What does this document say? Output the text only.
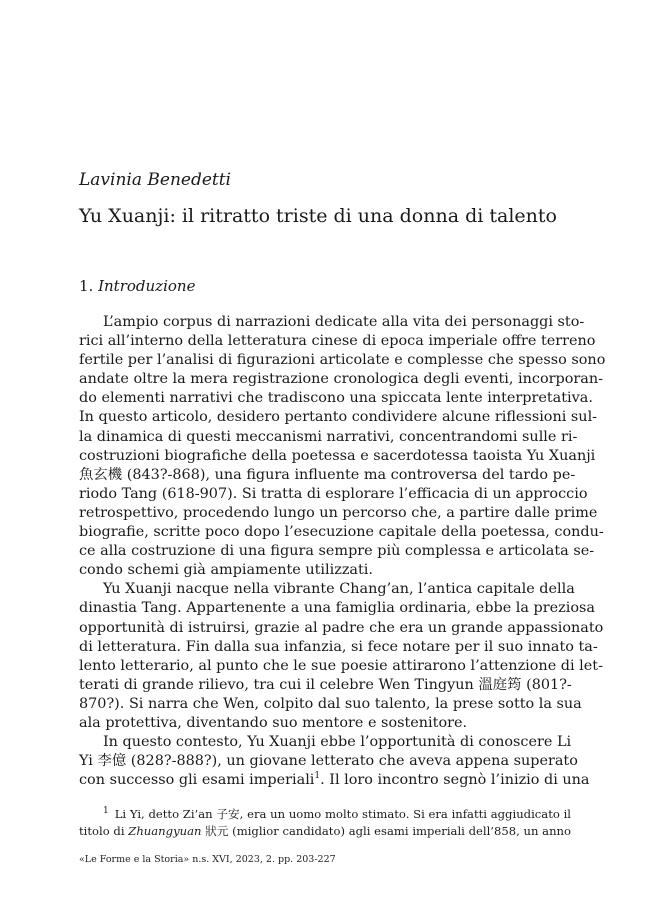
Lavinia Benedetti
Yu Xuanji: il ritratto triste di una donna di talento
1. Introduzione
L’ampio corpus di narrazioni dedicate alla vita dei personaggi sto-
rici all’interno della letteratura cinese di epoca imperiale offre terreno
fertile per l’analisi di figurazioni articolate e complesse che spesso sono
andate oltre la mera registrazione cronologica degli eventi, incorporan-
do elementi narrativi che tradiscono una spiccata lente interpretativa.
In questo articolo, desidero pertanto condividere alcune riflessioni sul-
la dinamica di questi meccanismi narrativi, concentrandomi sulle ri-
costruzioni biografiche della poetessa e sacerdotessa taoista Yu Xuanji
魚玄機 (843?-868), una figura influente ma controversa del tardo pe-
riodo Tang (618-907). Si tratta di esplorare l’efficacia di un approccio
retrospettivo, procedendo lungo un percorso che, a partire dalle prime
biografie, scritte poco dopo l’esecuzione capitale della poetessa, condu-
ce alla costruzione di una figura sempre più complessa e articolata se-
condo schemi già ampiamente utilizzati.
Yu Xuanji nacque nella vibrante Chang’an, l’antica capitale della
dinastia Tang. Appartenente a una famiglia ordinaria, ebbe la preziosa
opportunità di istruirsi, grazie al padre che era un grande appassionato
di letteratura. Fin dalla sua infanzia, si fece notare per il suo innato ta-
lento letterario, al punto che le sue poesie attirarono l’attenzione di let-
terati di grande rilievo, tra cui il celebre Wen Tingyun 溫庭筠 (801?-
870?). Si narra che Wen, colpito dal suo talento, la prese sotto la sua
ala protettiva, diventando suo mentore e sostenitore.
In questo contesto, Yu Xuanji ebbe l’opportunità di conoscere Li
Yi 李億 (828?-888?), un giovane letterato che aveva appena superato
con successo gli esami imperiali$^1$. Il loro incontro segnò l’inizio di una
$^1$ Li Yi, detto Zi’an 子安, era un uomo molto stimato. Si era infatti aggiudicato il
titolo di Zhuangyuan 狀元 (miglior candidato) agli esami imperiali dell’858, un anno
«Le Forme e la Storia» n.s. XVI, 2023, 2. pp. 203-227
